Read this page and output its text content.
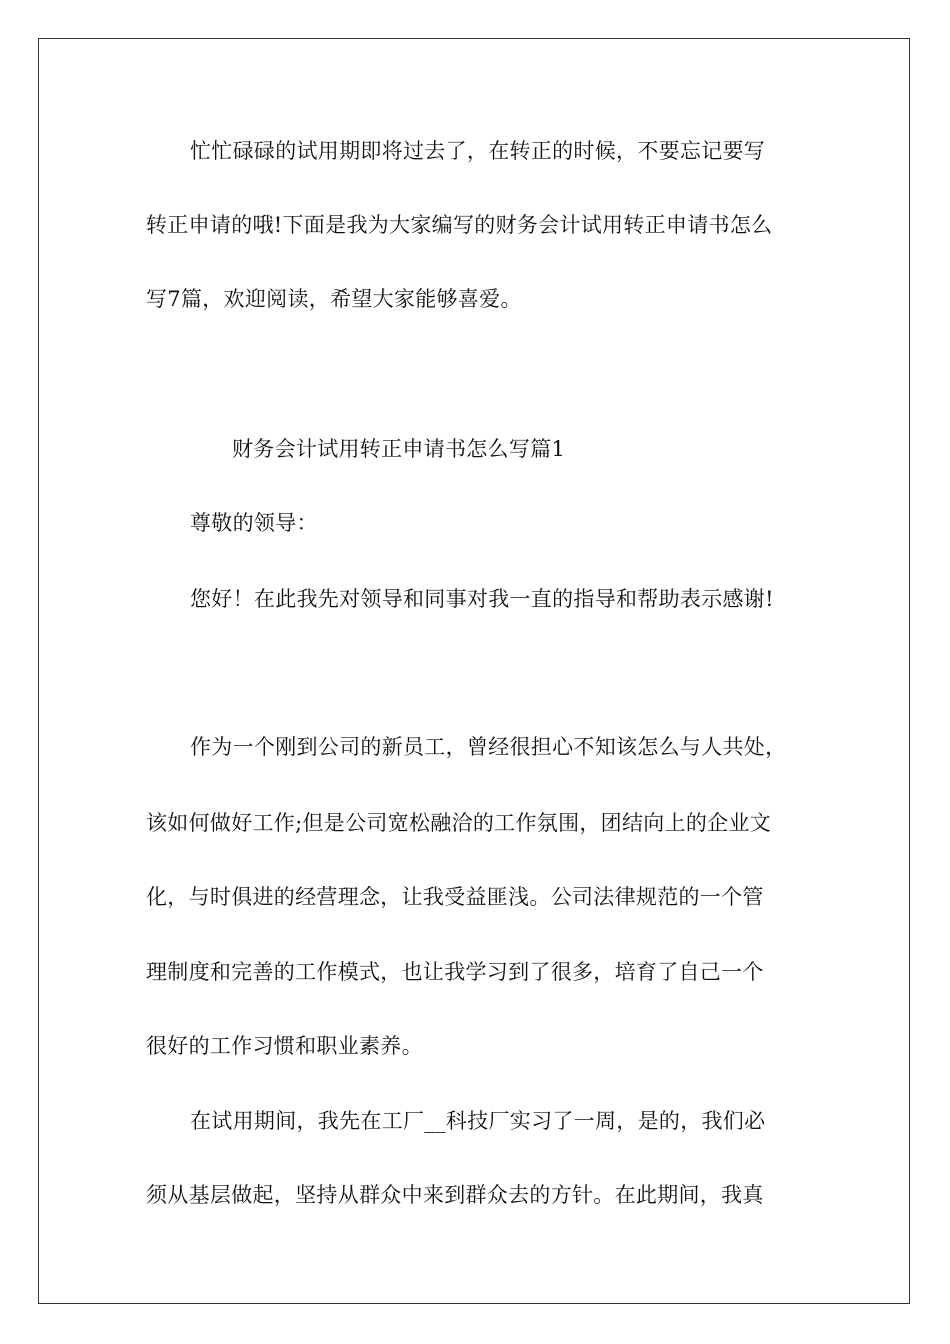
忙忙碌碌的试用期即将过去了，在转正的时候，不要忘记要写
转正申请的哦!下面是我为大家编写的财务会计试用转正申请书怎么
写7篇，欢迎阅读，希望大家能够喜爱。
财务会计试用转正申请书怎么写篇1
尊敬的领导：
您好！在此我先对领导和同事对我一直的指导和帮助表示感谢!
作为一个刚到公司的新员工，曾经很担心不知该怎么与人共处，
该如何做好工作;但是公司宽松融洽的工作氛围，团结向上的企业文
化，与时俱进的经营理念，让我受益匪浅。公司法律规范的一个管
理制度和完善的工作模式，也让我学习到了很多，培育了自己一个
很好的工作习惯和职业素养。
在试用期间，我先在工厂__科技厂实习了一周，是的，我们必
须从基层做起，坚持从群众中来到群众去的方针。在此期间，我真
